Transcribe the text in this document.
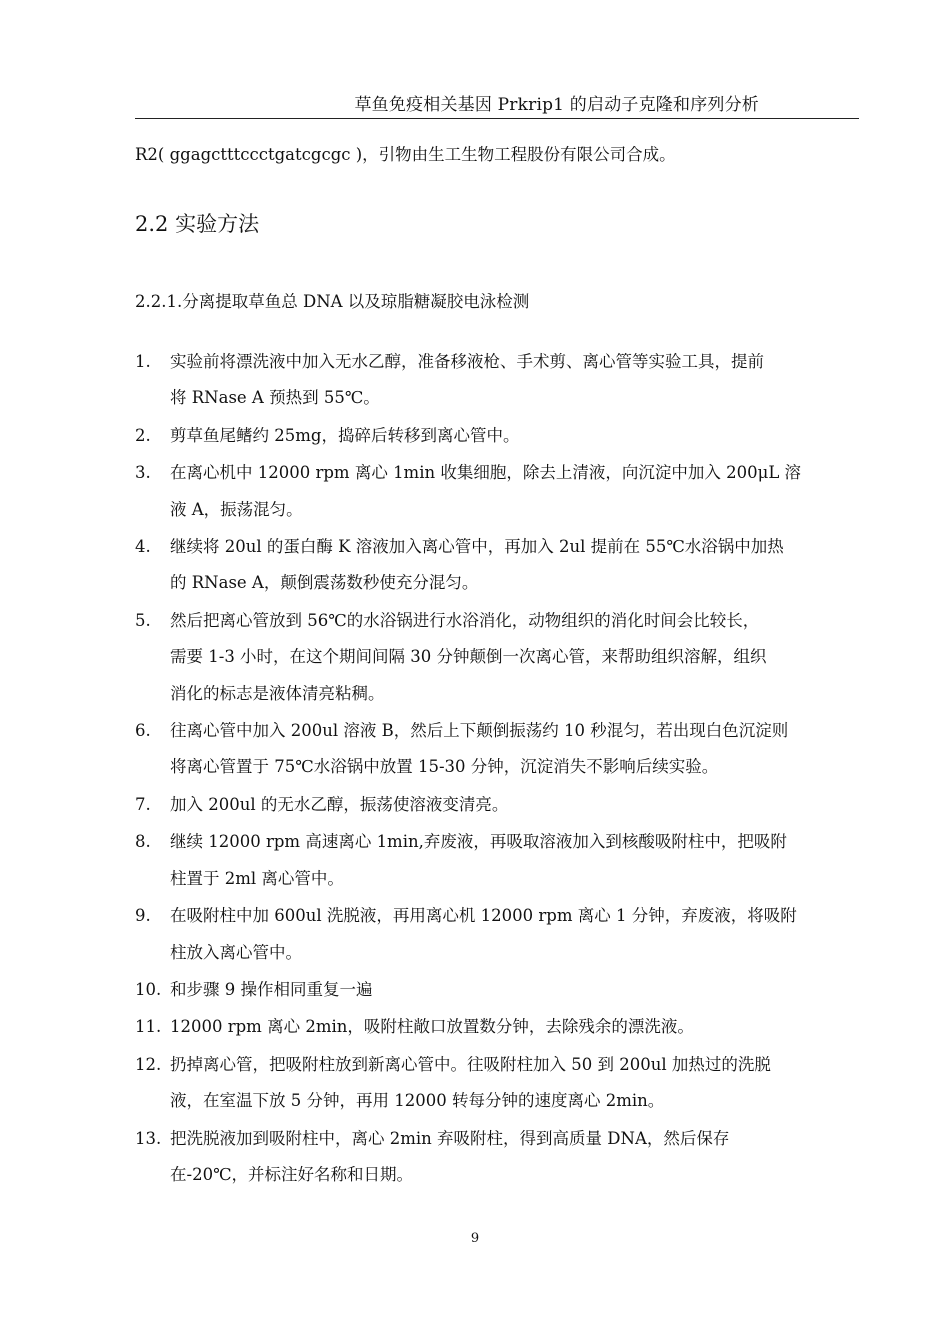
草鱼免疫相关基因 Prkrip1 的启动子克隆和序列分析
R2( ggagctttccctgatcgcgc )，引物由生工生物工程股份有限公司合成。
2.2 实验方法
2.2.1.分离提取草鱼总 DNA 以及琼脂糖凝胶电泳检测
1. 实验前将漂洗液中加入无水乙醇，准备移液枪、手术剪、离心管等实验工具，提前
将 RNase A 预热到 55℃。
2. 剪草鱼尾鳍约 25mg，捣碎后转移到离心管中。
3. 在离心机中 12000 rpm 离心 1min 收集细胞，除去上清液，向沉淀中加入 200μL 溶
液 A，振荡混匀。
4. 继续将 20ul 的蛋白酶 K 溶液加入离心管中，再加入 2ul 提前在 55℃水浴锅中加热
的 RNase A，颠倒震荡数秒使充分混匀。
5. 然后把离心管放到 56℃的水浴锅进行水浴消化，动物组织的消化时间会比较长，
需要 1-3 小时，在这个期间间隔 30 分钟颠倒一次离心管，来帮助组织溶解，组织
消化的标志是液体清亮粘稠。
6. 往离心管中加入 200ul 溶液 B，然后上下颠倒振荡约 10 秒混匀，若出现白色沉淀则
将离心管置于 75℃水浴锅中放置 15-30 分钟，沉淀消失不影响后续实验。
7. 加入 200ul 的无水乙醇，振荡使溶液变清亮。
8. 继续 12000 rpm 高速离心 1min,弃废液，再吸取溶液加入到核酸吸附柱中，把吸附
柱置于 2ml 离心管中。
9. 在吸附柱中加 600ul 洗脱液，再用离心机 12000 rpm 离心 1 分钟，弃废液，将吸附
柱放入离心管中。
10. 和步骤 9 操作相同重复一遍
11. 12000 rpm 离心 2min，吸附柱敞口放置数分钟，去除残余的漂洗液。
12. 扔掉离心管，把吸附柱放到新离心管中。往吸附柱加入 50 到 200ul 加热过的洗脱
液，在室温下放 5 分钟，再用 12000 转每分钟的速度离心 2min。
13. 把洗脱液加到吸附柱中，离心 2min 弃吸附柱，得到高质量 DNA，然后保存
在-20℃，并标注好名称和日期。
9
